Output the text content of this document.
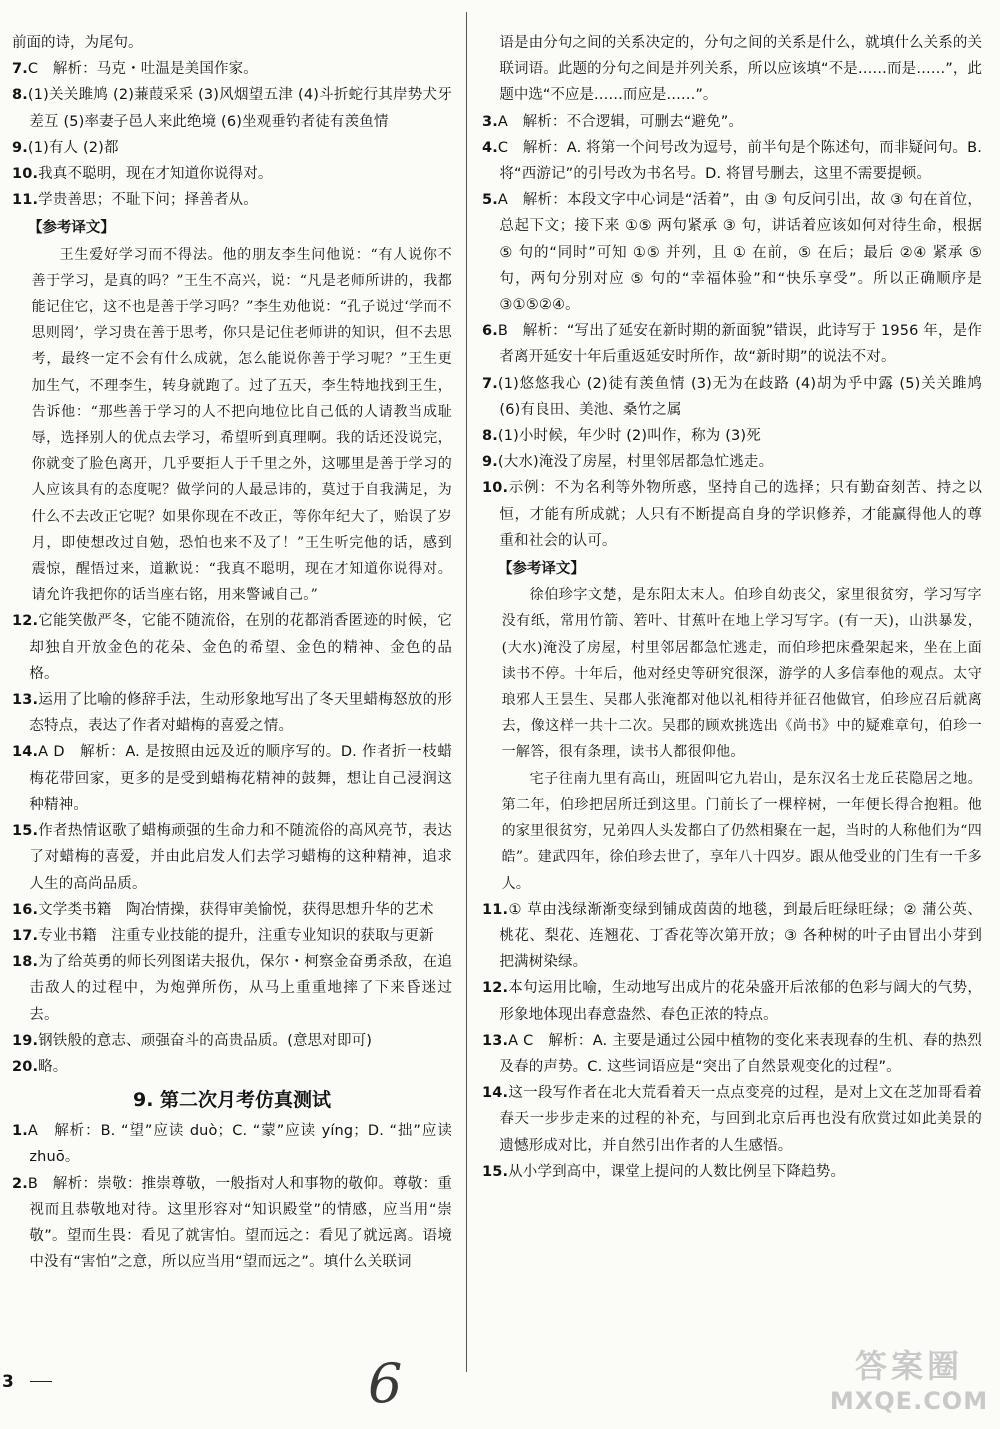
前面的诗，为尾句。

7.C　解析：马克・吐温是美国作家。

8.(1)关关雎鸠 (2)蒹葭采采 (3)风烟望五津 (4)斗折蛇行其岸势犬牙差互 (5)率妻子邑人来此绝境 (6)坐观垂钓者徒有羡鱼情

9.(1)有人 (2)都

10.我真不聪明，现在才知道你说得对。

11.学贵善思；不耻下问；择善者从。

【参考译文】

王生爱好学习而不得法。他的朋友李生问他说：“有人说你不善于学习，是真的吗？”王生不高兴，说：“凡是老师所讲的，我都能记住它，这不也是善于学习吗？”李生劝他说：“孔子说过‘学而不思则罔’，学习贵在善于思考，你只是记住老师讲的知识，但不去思考，最终一定不会有什么成就，怎么能说你善于学习呢？”王生更加生气，不理李生，转身就跑了。过了五天，李生特地找到王生，告诉他：“那些善于学习的人不把向地位比自己低的人请教当成耻辱，选择别人的优点去学习，希望听到真理啊。我的话还没说完，你就变了脸色离开，几乎要拒人于千里之外，这哪里是善于学习的人应该具有的态度呢？做学问的人最忌讳的，莫过于自我满足，为什么不去改正它呢？如果你现在不改正，等你年纪大了，贻误了岁月，即使想改过自勉，恐怕也来不及了！”王生听完他的话，感到震惊，醒悟过来，道歉说：“我真不聪明，现在才知道你说得对。请允许我把你的话当座右铭，用来警诫自己。”

12.它能笑傲严冬，它能不随流俗，在别的花都消香匿迹的时候，它却独自开放金色的花朵、金色的希望、金色的精神、金色的品格。

13.运用了比喻的修辞手法，生动形象地写出了冬天里蜡梅怒放的形态特点，表达了作者对蜡梅的喜爱之情。

14.A D　解析：A. 是按照由远及近的顺序写的。D. 作者折一枝蜡梅花带回家，更多的是受到蜡梅花精神的鼓舞，想让自己浸润这种精神。

15.作者热情讴歌了蜡梅顽强的生命力和不随流俗的高风亮节，表达了对蜡梅的喜爱，并由此启发人们去学习蜡梅的这种精神，追求人生的高尚品质。

16.文学类书籍　陶冶情操，获得审美愉悦，获得思想升华的艺术

17.专业书籍　注重专业技能的提升，注重专业知识的获取与更新

18.为了给英勇的师长列图诺夫报仇，保尔・柯察金奋勇杀敌，在追击敌人的过程中，为炮弹所伤，从马上重重地摔了下来昏迷过去。

19.钢铁般的意志、顽强奋斗的高贵品质。(意思对即可)

20.略。

9. 第二次月考仿真测试

1.A　解析：B. “望”应读 duò；C. “蒙”应读 yíng；D. “拙”应读 zhuō。

2.B　解析：崇敬：推崇尊敬，一般指对人和事物的敬仰。尊敬：重视而且恭敬地对待。这里形容对“知识殿堂”的情感，应当用“崇敬”。望而生畏：看见了就害怕。望而远之：看见了就远离。语境中没有“害怕”之意，所以应当用“望而远之”。填什么关联词

语是由分句之间的关系决定的，分句之间的关系是什么，就填什么关系的关联词语。此题的分句之间是并列关系，所以应该填“不是……而是……”，此题中选“不应是……而应是……”。

3.A　解析：不合逻辑，可删去“避免”。

4.C　解析：A. 将第一个问号改为逗号，前半句是个陈述句，而非疑问句。B. 将“西游记”的引号改为书名号。D. 将冒号删去，这里不需要提顿。

5.A　解析：本段文字中心词是“活着”，由 ③ 句反问引出，故 ③ 句在首位，总起下文；接下来 ①⑤ 两句紧承 ③ 句，讲话着应该如何对待生命，根据 ⑤ 句的“同时”可知 ①⑤ 并列，且 ① 在前，⑤ 在后；最后 ②④ 紧承 ⑤ 句，两句分别对应 ⑤ 句的“幸福体验”和“快乐享受”。所以正确顺序是 ③①⑤②④。

6.B　解析：“写出了延安在新时期的新面貌”错误，此诗写于 1956 年，是作者离开延安十年后重返延安时所作，故“新时期”的说法不对。

7.(1)悠悠我心 (2)徒有羡鱼情 (3)无为在歧路 (4)胡为乎中露 (5)关关雎鸠 (6)有良田、美池、桑竹之属

8.(1)小时候，年少时 (2)叫作，称为 (3)死

9.(大水)淹没了房屋，村里邻居都急忙逃走。

10.示例：不为名利等外物所惑，坚持自己的选择；只有勤奋刻苦、持之以恒，才能有所成就；人只有不断提高自身的学识修养，才能赢得他人的尊重和社会的认可。

【参考译文】

徐伯珍字文楚，是东阳太末人。伯珍自幼丧父，家里很贫穷，学习写字没有纸，常用竹箭、箬叶、甘蕉叶在地上学习写字。(有一天)，山洪暴发，(大水)淹没了房屋，村里邻居都急忙逃走，而伯珍把床叠架起来，坐在上面读书不停。十年后，他对经史等研究很深，游学的人多信奉他的观点。太守琅邪人王昙生、吴郡人张淹都对他以礼相待并征召他做官，伯珍应召后就离去，像这样一共十二次。吴郡的顾欢挑选出《尚书》中的疑难章句，伯珍一一解答，很有条理，读书人都很仰他。

宅子往南九里有高山，班固叫它九岩山，是东汉名士龙丘苌隐居之地。第二年，伯珍把居所迁到这里。门前长了一棵梓树，一年便长得合抱粗。他的家里很贫穷，兄弟四人头发都白了仍然相聚在一起，当时的人称他们为“四皓”。建武四年，徐伯珍去世了，享年八十四岁。跟从他受业的门生有一千多人。

11.① 草由浅绿渐渐变绿到铺成茵茵的地毯，到最后旺绿旺绿；② 蒲公英、桃花、梨花、连翘花、丁香花等次第开放；③ 各种树的叶子由冒出小芽到把满树染绿。

12.本句运用比喻，生动地写出成片的花朵盛开后浓郁的色彩与阔大的气势，形象地体现出春意盎然、春色正浓的特点。

13.A C　解析：A. 主要是通过公园中植物的变化来表现春的生机、春的热烈及春的声势。C. 这些词语应是“突出了自然景观变化的过程”。

14.这一段写作者在北大荒看着天一点点变亮的过程，是对上文在芝加哥看着春天一步步走来的过程的补充，与回到北京后再也没有欣赏过如此美景的遗憾形成对比，并自然引出作者的人生感悟。

15.从小学到高中，课堂上提问的人数比例呈下降趋势。

3	6	答案圈
MXQE.COM
